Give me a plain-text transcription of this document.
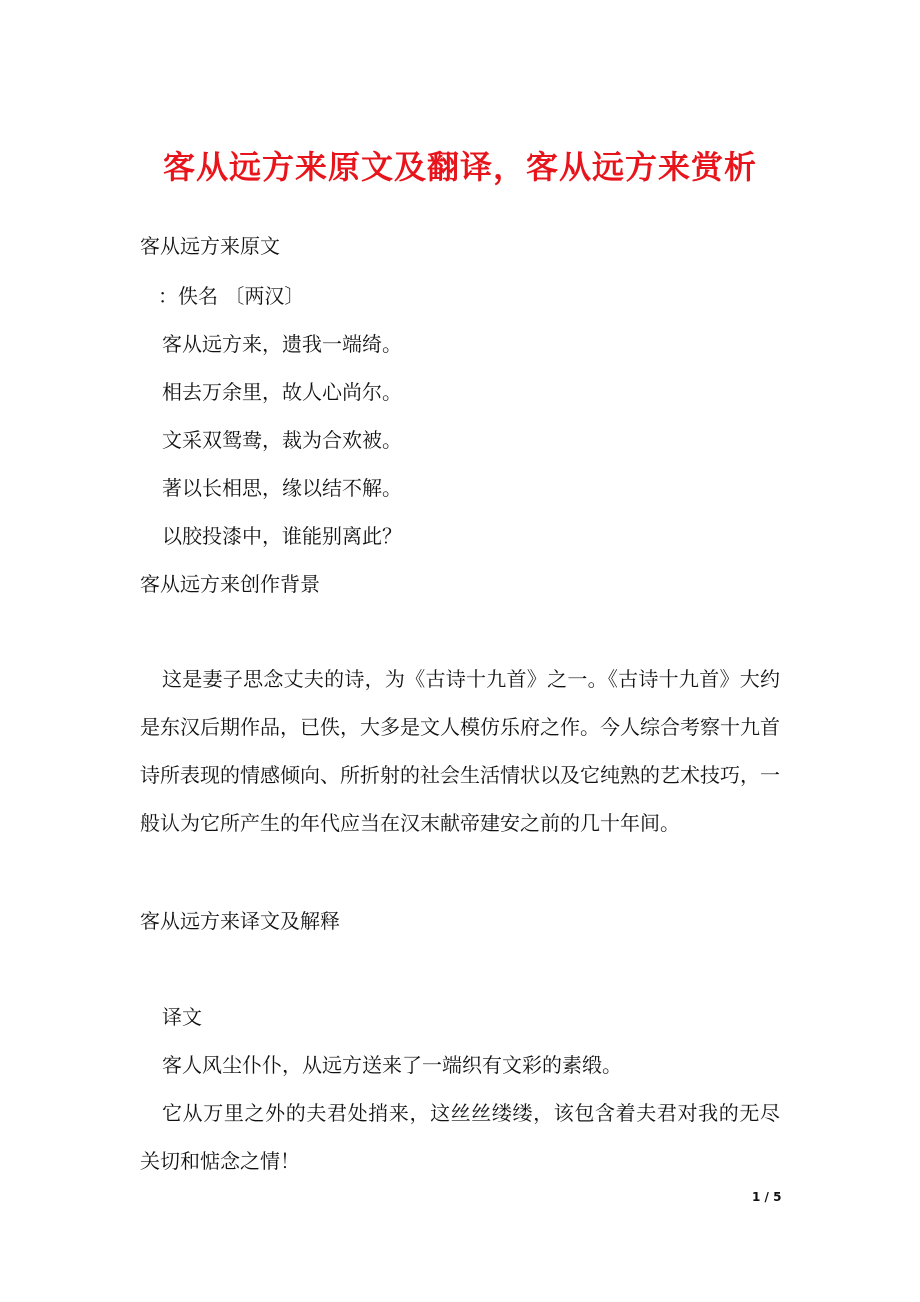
客从远方来原文及翻译，客从远方来赏析
客从远方来原文
：佚名 〔两汉〕
客从远方来，遗我一端绮。
相去万余里，故人心尚尔。
文采双鸳鸯，裁为合欢被。
著以长相思，缘以结不解。
以胶投漆中，谁能别离此？
客从远方来创作背景
这是妻子思念丈夫的诗，为《古诗十九首》之一。《古诗十九首》大约是东汉后期作品，已佚，大多是文人模仿乐府之作。今人综合考察十九首诗所表现的情感倾向、所折射的社会生活情状以及它纯熟的艺术技巧，一般认为它所产生的年代应当在汉末献帝建安之前的几十年间。
客从远方来译文及解释
译文
客人风尘仆仆，从远方送来了一端织有文彩的素缎。
它从万里之外的夫君处捎来，这丝丝缕缕，该包含着夫君对我的无尽关切和惦念之情！
1 / 5
